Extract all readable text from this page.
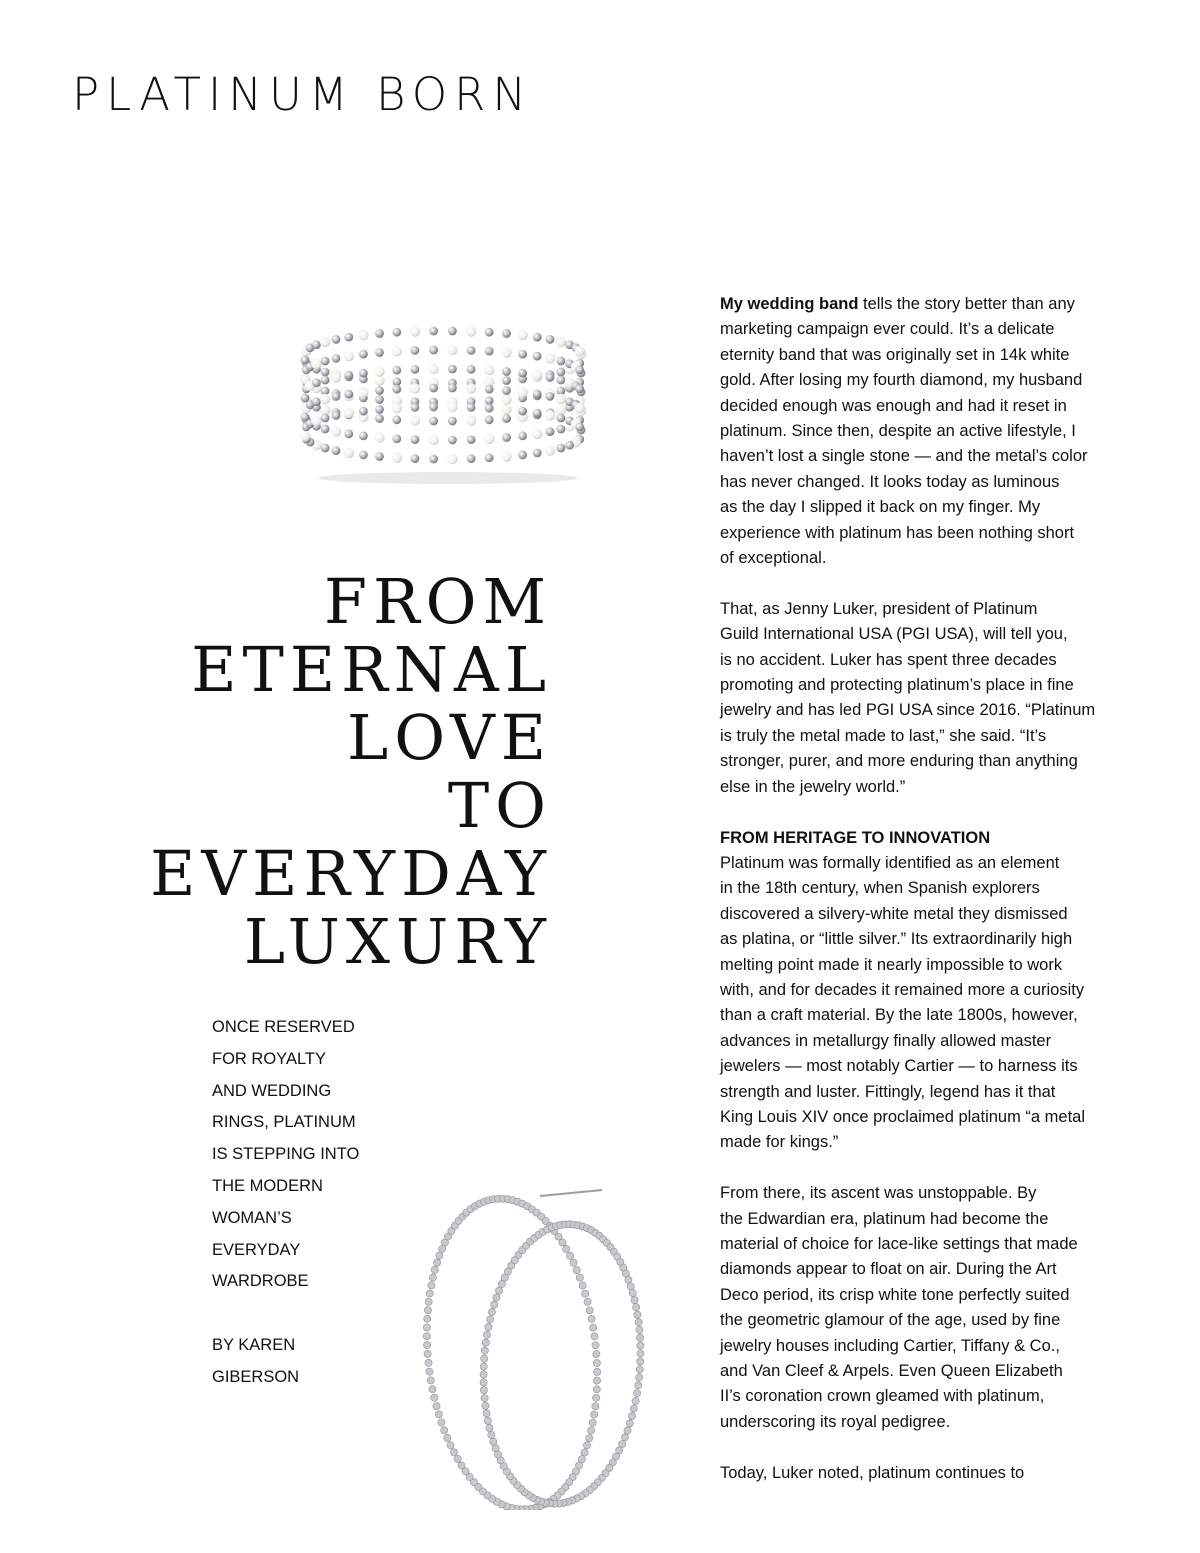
PLATINUM BORN
FROM
ETERNAL
LOVE
TO
EVERYDAY
LUXURY
ONCE RESERVED
FOR ROYALTY
AND WEDDING
RINGS, PLATINUM
IS STEPPING INTO
THE MODERN
WOMAN’S
EVERYDAY
WARDROBE
BY KAREN
GIBERSON
My wedding band tells the story better than any
marketing campaign ever could. It’s a delicate
eternity band that was originally set in 14k white
gold. After losing my fourth diamond, my husband
decided enough was enough and had it reset in
platinum. Since then, despite an active lifestyle, I
haven’t lost a single stone — and the metal’s color
has never changed. It looks today as luminous
as the day I slipped it back on my finger. My
experience with platinum has been nothing short
of exceptional.
That, as Jenny Luker, president of Platinum
Guild International USA (PGI USA), will tell you,
is no accident. Luker has spent three decades
promoting and protecting platinum’s place in fine
jewelry and has led PGI USA since 2016. “Platinum
is truly the metal made to last,” she said. “It’s
stronger, purer, and more enduring than anything
else in the jewelry world.”
FROM HERITAGE TO INNOVATION
Platinum was formally identified as an element
in the 18th century, when Spanish explorers
discovered a silvery-white metal they dismissed
as platina, or “little silver.” Its extraordinarily high
melting point made it nearly impossible to work
with, and for decades it remained more a curiosity
than a craft material. By the late 1800s, however,
advances in metallurgy finally allowed master
jewelers — most notably Cartier — to harness its
strength and luster. Fittingly, legend has it that
King Louis XIV once proclaimed platinum “a metal
made for kings.”
From there, its ascent was unstoppable. By
the Edwardian era, platinum had become the
material of choice for lace-like settings that made
diamonds appear to float on air. During the Art
Deco period, its crisp white tone perfectly suited
the geometric glamour of the age, used by fine
jewelry houses including Cartier, Tiffany & Co.,
and Van Cleef & Arpels. Even Queen Elizabeth
II’s coronation crown gleamed with platinum,
underscoring its royal pedigree.
Today, Luker noted, platinum continues to
